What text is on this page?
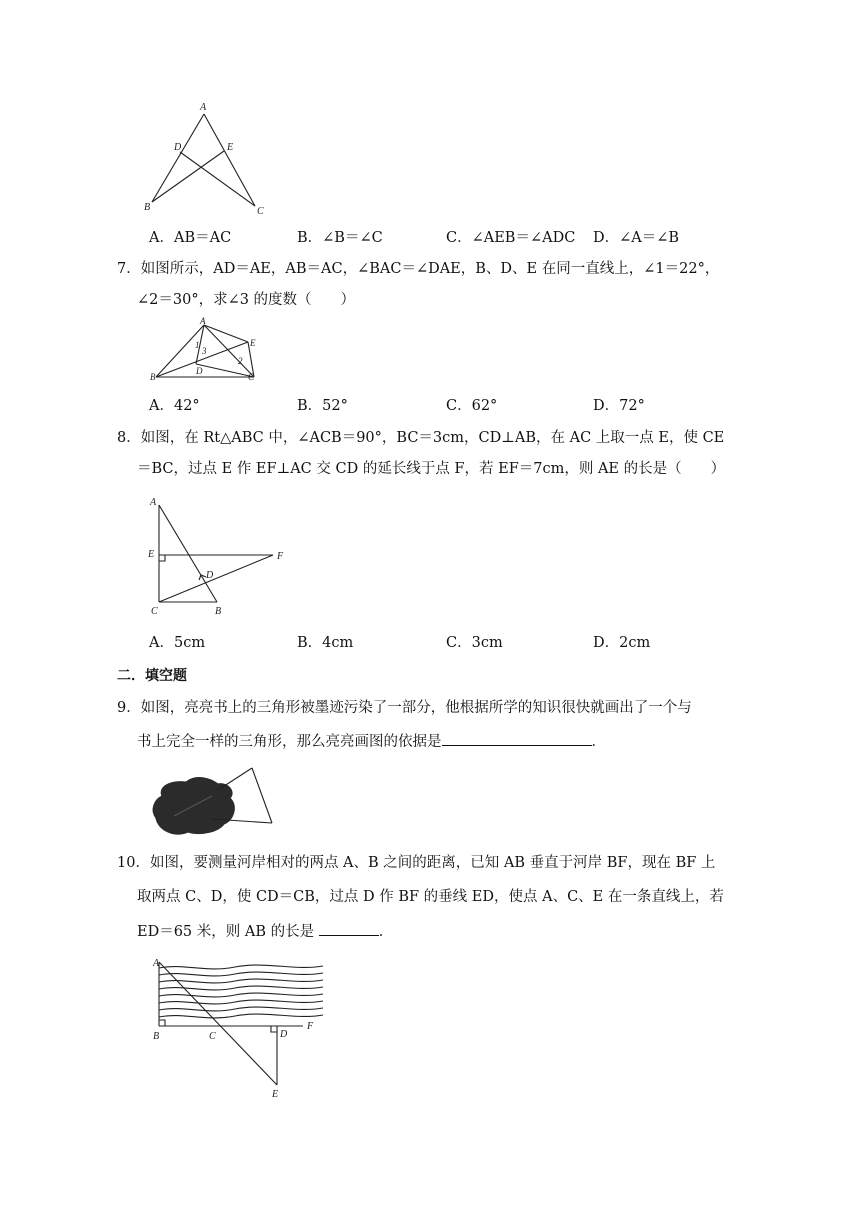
A
D	E
B	C
A．AB＝AC	B．∠B＝∠C	C．∠AEB＝∠ADC D．∠A＝∠B
7．如图所示，AD＝AE，AB＝AC，∠BAC＝∠DAE，B、D、E 在同一直线上，∠1＝22°，
∠2＝30°，求∠3 的度数（　　）
A
E
B
D
C
1
3
2
A．42°	B．52°	C．62°	D．72°
8．如图，在 Rt△ABC 中，∠ACB＝90°，BC＝3cm，CD⊥AB，在 AC 上取一点 E，使 CE
＝BC，过点 E 作 EF⊥AC 交 CD 的延长线于点 F，若 EF＝7cm，则 AE 的长是（　　）
A
E	F
D
C	B
A．5cm	B．4cm	C．3cm	D．2cm
二．填空题
9．如图，亮亮书上的三角形被墨迹污染了一部分，他根据所学的知识很快就画出了一个与
书上完全一样的三角形，那么亮亮画图的依据是	．
10．如图，要测量河岸相对的两点 A、B 之间的距离，已知 AB 垂直于河岸 BF，现在 BF 上
取两点 C、D，使 CD＝CB，过点 D 作 BF 的垂线 ED，使点 A、C、E 在一条直线上，若
ED＝65 米，则 AB 的长是	．
A
B	C	D
F
E
